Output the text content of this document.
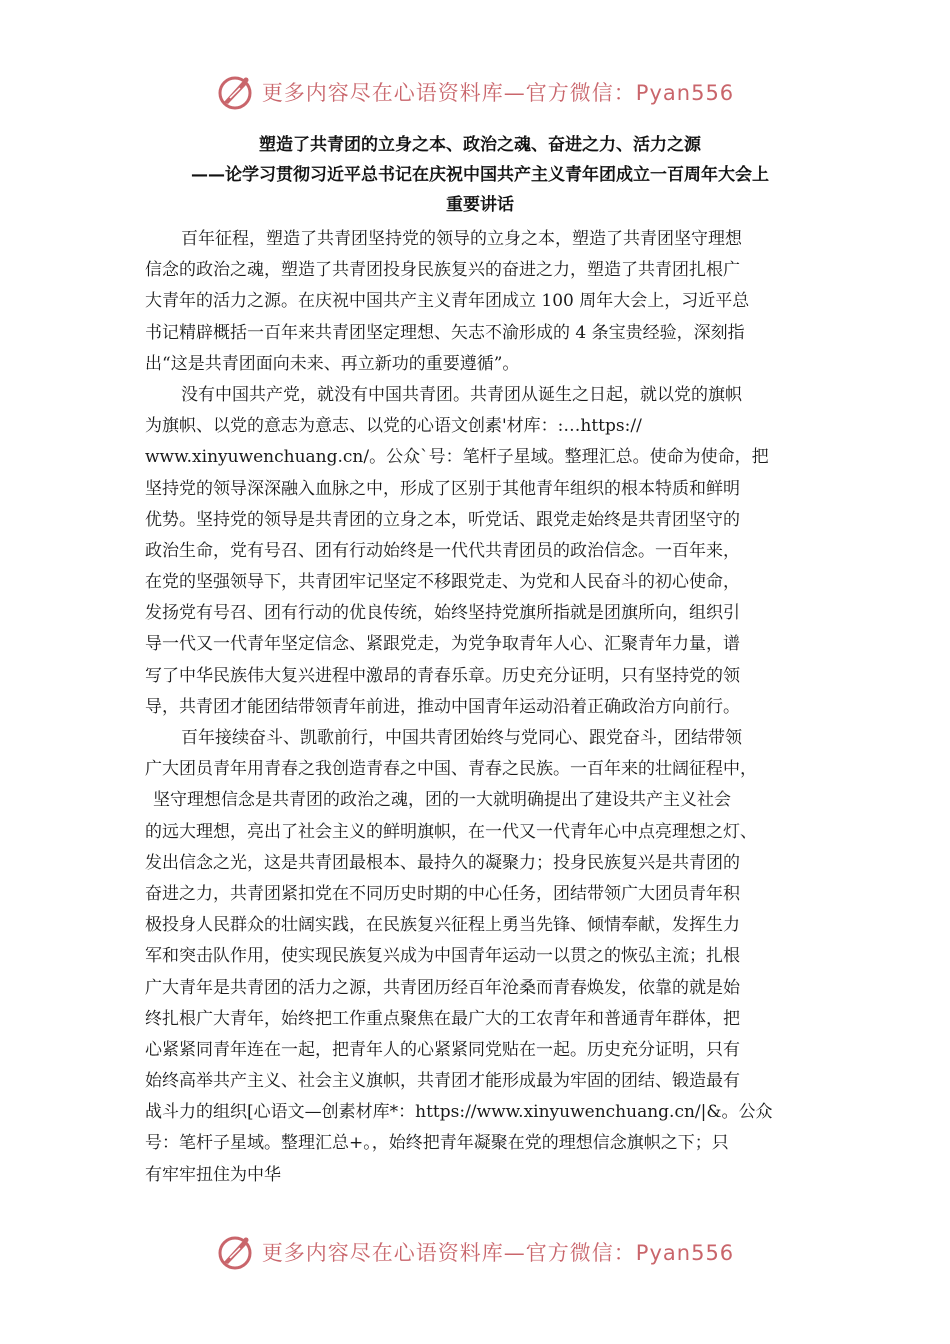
更多内容尽在心语资料库—官方微信：Pyan556
塑造了共青团的立身之本、政治之魂、奋进之力、活力之源
——论学习贯彻习近平总书记在庆祝中国共产主义青年团成立一百周年大会上
重要讲话
百年征程，塑造了共青团坚持党的领导的立身之本，塑造了共青团坚守理想
信念的政治之魂，塑造了共青团投身民族复兴的奋进之力，塑造了共青团扎根广
大青年的活力之源。在庆祝中国共产主义青年团成立 100 周年大会上，习近平总
书记精辟概括一百年来共青团坚定理想、矢志不渝形成的 4 条宝贵经验，深刻指
出“这是共青团面向未来、再立新功的重要遵循”。
没有中国共产党，就没有中国共青团。共青团从诞生之日起，就以党的旗帜
为旗帜、以党的意志为意志、以党的心语文创素'材库：:…https://
www.xinyuwenchuang.cn/。公众`号：笔杆子星域。整理汇总。使命为使命，把
坚持党的领导深深融入血脉之中，形成了区别于其他青年组织的根本特质和鲜明
优势。坚持党的领导是共青团的立身之本，听党话、跟党走始终是共青团坚守的
政治生命，党有号召、团有行动始终是一代代共青团员的政治信念。一百年来，
在党的坚强领导下，共青团牢记坚定不移跟党走、为党和人民奋斗的初心使命，
发扬党有号召、团有行动的优良传统，始终坚持党旗所指就是团旗所向，组织引
导一代又一代青年坚定信念、紧跟党走，为党争取青年人心、汇聚青年力量，谱
写了中华民族伟大复兴进程中激昂的青春乐章。历史充分证明，只有坚持党的领
导，共青团才能团结带领青年前进，推动中国青年运动沿着正确政治方向前行。
百年接续奋斗、凯歌前行，中国共青团始终与党同心、跟党奋斗，团结带领
广大团员青年用青春之我创造青春之中国、青春之民族。一百年来的壮阔征程中，
坚守理想信念是共青团的政治之魂，团的一大就明确提出了建设共产主义社会
的远大理想，亮出了社会主义的鲜明旗帜，在一代又一代青年心中点亮理想之灯、
发出信念之光，这是共青团最根本、最持久的凝聚力；投身民族复兴是共青团的
奋进之力，共青团紧扣党在不同历史时期的中心任务，团结带领广大团员青年积
极投身人民群众的壮阔实践，在民族复兴征程上勇当先锋、倾情奉献，发挥生力
军和突击队作用，使实现民族复兴成为中国青年运动一以贯之的恢弘主流；扎根
广大青年是共青团的活力之源，共青团历经百年沧桑而青春焕发，依靠的就是始
终扎根广大青年，始终把工作重点聚焦在最广大的工农青年和普通青年群体，把
心紧紧同青年连在一起，把青年人的心紧紧同党贴在一起。历史充分证明，只有
始终高举共产主义、社会主义旗帜，共青团才能形成最为牢固的团结、锻造最有
战斗力的组织[心语文—创素材库*：https://www.xinyuwenchuang.cn/|&。公众
号：笔杆子星域。整理汇总+。，始终把青年凝聚在党的理想信念旗帜之下；只
有牢牢扭住为中华
更多内容尽在心语资料库—官方微信：Pyan556
